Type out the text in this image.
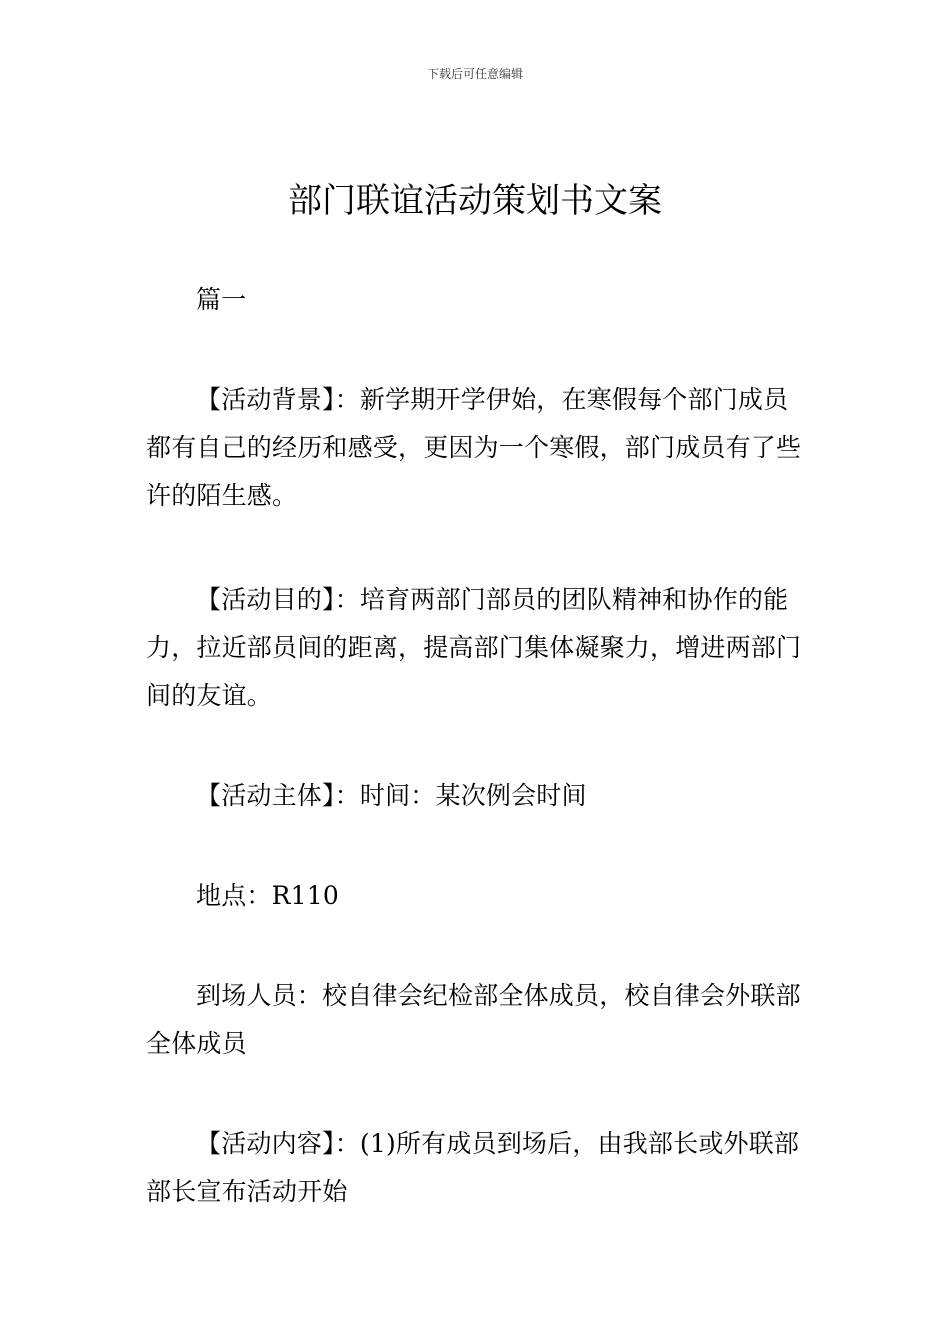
下载后可任意编辑
部门联谊活动策划书文案

篇一

【活动背景】：新学期开学伊始，在寒假每个部门成员都有自己的经历和感受，更因为一个寒假，部门成员有了些许的陌生感。

【活动目的】：培育两部门部员的团队精神和协作的能力，拉近部员间的距离，提高部门集体凝聚力，增进两部门间的友谊。

【活动主体】：时间：某次例会时间

地点：R110

到场人员：校自律会纪检部全体成员，校自律会外联部全体成员

【活动内容】：(1)所有成员到场后，由我部长或外联部部长宣布活动开始
